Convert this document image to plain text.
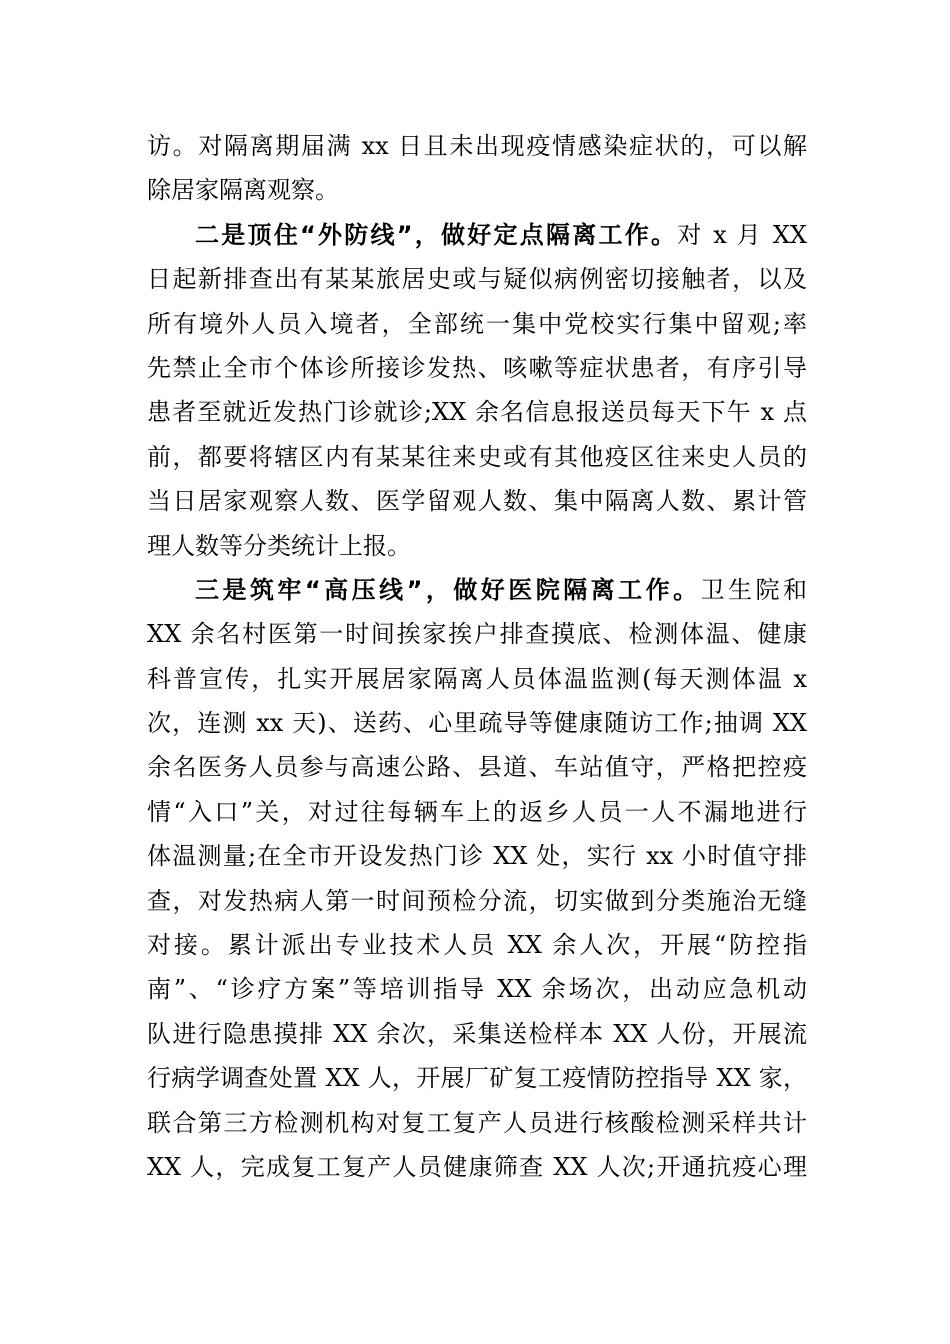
访。对隔离期届满 xx 日且未出现疫情感染症状的，可以解
除居家隔离观察。
二是顶住“外防线”，做好定点隔离工作。对 x 月 XX
日起新排查出有某某旅居史或与疑似病例密切接触者，以及
所有境外人员入境者，全部统一集中党校实行集中留观;率
先禁止全市个体诊所接诊发热、咳嗽等症状患者，有序引导
患者至就近发热门诊就诊;XX 余名信息报送员每天下午 x 点
前，都要将辖区内有某某往来史或有其他疫区往来史人员的
当日居家观察人数、医学留观人数、集中隔离人数、累计管
理人数等分类统计上报。
三是筑牢“高压线”，做好医院隔离工作。卫生院和
XX 余名村医第一时间挨家挨户排查摸底、检测体温、健康
科普宣传，扎实开展居家隔离人员体温监测(每天测体温 x
次，连测 xx 天)、送药、心里疏导等健康随访工作;抽调 XX
余名医务人员参与高速公路、县道、车站值守，严格把控疫
情“入口”关，对过往每辆车上的返乡人员一人不漏地进行
体温测量;在全市开设发热门诊 XX 处，实行 xx 小时值守排
查，对发热病人第一时间预检分流，切实做到分类施治无缝
对接。累计派出专业技术人员 XX 余人次，开展“防控指
南”、“诊疗方案”等培训指导 XX 余场次，出动应急机动
队进行隐患摸排 XX 余次，采集送检样本 XX 人份，开展流
行病学调查处置 XX 人，开展厂矿复工疫情防控指导 XX 家，
联合第三方检测机构对复工复产人员进行核酸检测采样共计
XX 人，完成复工复产人员健康筛查 XX 人次;开通抗疫心理
